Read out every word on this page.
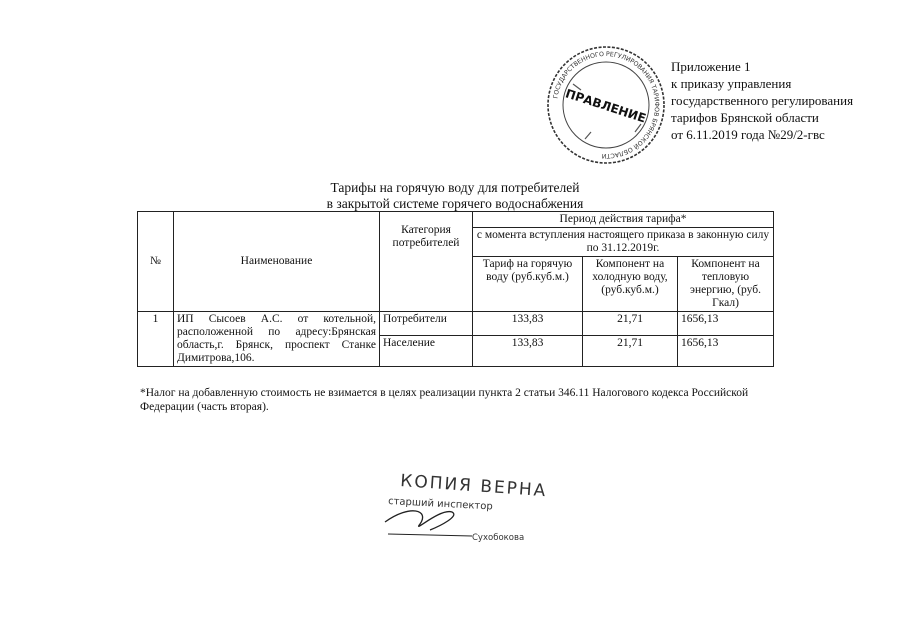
Приложение 1
к приказу управления
государственного регулирования
тарифов Брянской области
от 6.11.2019 года №29/2-гвс
ГОСУДАРСТВЕННОГО РЕГУЛИРОВАНИЯ ТАРИФОВ БРЯНСКОЙ ОБЛАСТИ
ПРАВЛЕНИЕ
Тарифы на горячую воду для потребителей
в закрытой системе горячего водоснабжения
№	Наименование	Категория потребителей	Период действия тарифа*		
			с момента вступления настоящего приказа в законную силу по 31.12.2019г.		
			Тариф на горячую воду (руб.куб.м.)	Компонент на холодную воду, (руб.куб.м.)	Компонент на тепловую энергию, (руб. Гкал)
1	ИП Сысоев А.С. от котельной, расположенной по адресу:Брянская область,г. Брянск, проспект Станке Димитрова,106.	Потребители	133,83	21,71	1656,13
		Население	133,83	21,71	1656,13
*Налог на добавленную стоимость не взимается в целях реализации пункта 2 статьи 346.11 Налогового кодекса Российской Федерации (часть вторая).
КОПИЯ ВЕРНА
старший инспектор
Сухобокова
